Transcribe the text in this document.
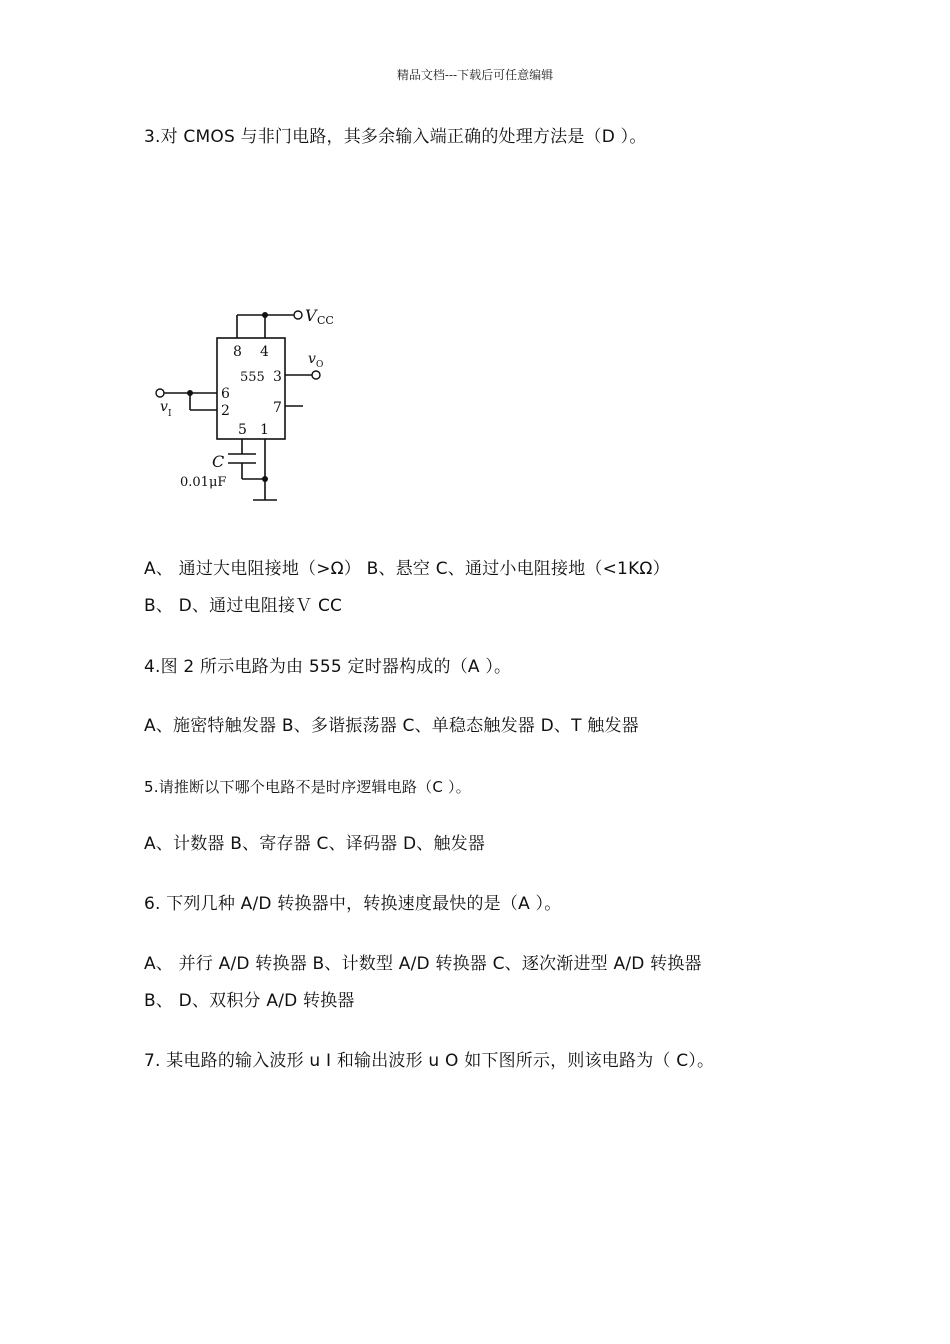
精品文档---下载后可任意编辑
3.对 CMOS 与非门电路，其多余输入端正确的处理方法是（D ）。
V CC
v O
v I
8 4
555 3
6
2	7
5 1
C
0.01μF
A、 通过大电阻接地（>Ω） B、悬空 C、通过小电阻接地（<1KΩ）
B、 D、通过电阻接Ｖ CC
4.图 2 所示电路为由 555 定时器构成的（A ）。
A、施密特触发器 B、多谐振荡器 C、单稳态触发器 D、T 触发器
5.请推断以下哪个电路不是时序逻辑电路（C ）。
A、计数器 B、寄存器 C、译码器 D、触发器
6. 下列几种 A/D 转换器中，转换速度最快的是（A ）。
A、 并行 A/D 转换器 B、计数型 A/D 转换器 C、逐次渐进型 A/D 转换器
B、 D、双积分 A/D 转换器
7. 某电路的输入波形 u I 和输出波形 u O 如下图所示，则该电路为（ C）。
